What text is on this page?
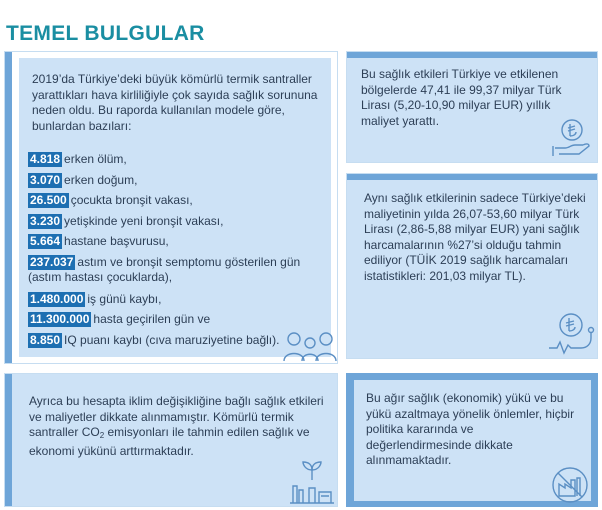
TEMEL BULGULAR
2019’da Türkiye’deki büyük kömürlü termik santraller yarattıkları hava kirliliğiyle çok sayıda sağlık sorununa neden oldu. Bu raporda kullanılan modele göre, bunlardan bazıları:
4.818 erken ölüm,
3.070 erken doğum,
26.500 çocukta bronşit vakası,
3.230 yetişkinde yeni bronşit vakası,
5.664 hastane başvurusu,
237.037 astım ve bronşit semptomu gösterilen gün (astım hastası çocuklarda),
1.480.000 iş günü kaybı,
11.300.000 hasta geçirilen gün ve
8.850 IQ puanı kaybı (cıva maruziyetine bağlı).
Bu sağlık etkileri Türkiye ve etkilenen bölgelerde 47,41 ile 99,37 milyar Türk Lirası (5,20-10,90 milyar EUR) yıllık maliyet yarattı.
Aynı sağlık etkilerinin sadece Türkiye’deki maliyetinin yılda 26,07-53,60 milyar Türk Lirası (2,86-5,88 milyar EUR) yani sağlık harcamalarının %27’si olduğu tahmin ediliyor (TÜİK 2019 sağlık harcamaları istatistikleri: 201,03 milyar TL).
Ayrıca bu hesapta iklim değişikliğine bağlı sağlık etkileri ve maliyetler dikkate alınmamıştır. Kömürlü termik santraller $CO_2$ emisyonları ile tahmin edilen sağlık ve ekonomi yükünü arttırmaktadır.
Bu ağır sağlık (ekonomik) yükü ve bu yükü azaltmaya yönelik önlemler, hiçbir politika kararında ve değerlendirmesinde dikkate alınmamaktadır.
